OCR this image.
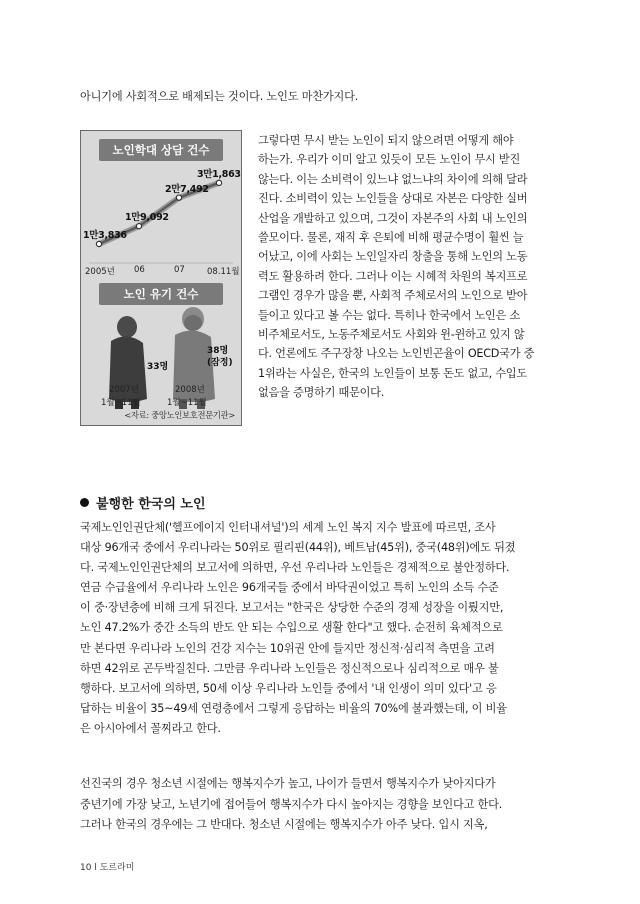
아니기에 사회적으로 배제되는 것이다. 노인도 마찬가지다.
노인학대 상담 건수
1만3,836
1만9,092
2만7,492
3만1,863
2005년 06	07	08.11월
노인 유기 건수
33명
38명
(잠정)
2007년
1월~11월
2008년
1월~11월
<자료: 중앙노인보호전문기관>
그렇다면 무시 받는 노인이 되지 않으려면 어떻게 해야
하는가. 우리가 이미 알고 있듯이 모든 노인이 무시 받진
않는다. 이는 소비력이 있느냐 없느냐의 차이에 의해 달라
진다. 소비력이 있는 노인들을 상대로 자본은 다양한 실버
산업을 개발하고 있으며, 그것이 자본주의 사회 내 노인의
쓸모이다. 물론, 재직 후 은퇴에 비해 평균수명이 훨씬 늘
어났고, 이에 사회는 노인일자리 창출을 통해 노인의 노동
력도 활용하려 한다. 그러나 이는 시혜적 차원의 복지프로
그램인 경우가 많을 뿐, 사회적 주체로서의 노인으로 받아
들이고 있다고 볼 수는 없다. 특히나 한국에서 노인은 소
비주체로서도, 노동주체로서도 사회와 윈-윈하고 있지 않
다. 언론에도 주구장창 나오는 노인빈곤율이 OECD국가 중
1위라는 사실은, 한국의 노인들이 보통 돈도 없고, 수입도
없음을 증명하기 때문이다.
불행한 한국의 노인
국제노인인권단체('헬프에이지 인터내셔널')의 세계 노인 복지 지수 발표에 따르면, 조사
대상 96개국 중에서 우리나라는 50위로 필리핀(44위), 베트남(45위), 중국(48위)에도 뒤졌
다. 국제노인인권단체의 보고서에 의하면, 우선 우리나라 노인들은 경제적으로 불안정하다.
연금 수급율에서 우리나라 노인은 96개국들 중에서 바닥권이었고 특히 노인의 소득 수준
이 중·장년층에 비해 크게 뒤진다. 보고서는 "한국은 상당한 수준의 경제 성장을 이뤘지만,
노인 47.2%가 중간 소득의 반도 안 되는 수입으로 생활 한다"고 했다. 순전히 육체적으로
만 본다면 우리나라 노인의 건강 지수는 10위권 안에 들지만 정신적·심리적 측면을 고려
하면 42위로 곤두박질친다. 그만큼 우리나라 노인들은 정신적으로나 심리적으로 매우 불
행하다. 보고서에 의하면, 50세 이상 우리나라 노인들 중에서 '내 인생이 의미 있다'고 응
답하는 비율이 35~49세 연령층에서 그렇게 응답하는 비율의 70%에 불과했는데, 이 비율
은 아시아에서 꼴찌라고 한다.
선진국의 경우 청소년 시절에는 행복지수가 높고, 나이가 들면서 행복지수가 낮아지다가
중년기에 가장 낮고, 노년기에 접어들어 행복지수가 다시 높아지는 경향을 보인다고 한다.
그러나 한국의 경우에는 그 반대다. 청소년 시절에는 행복지수가 아주 낮다. 입시 지옥,
10 l 도르라미
